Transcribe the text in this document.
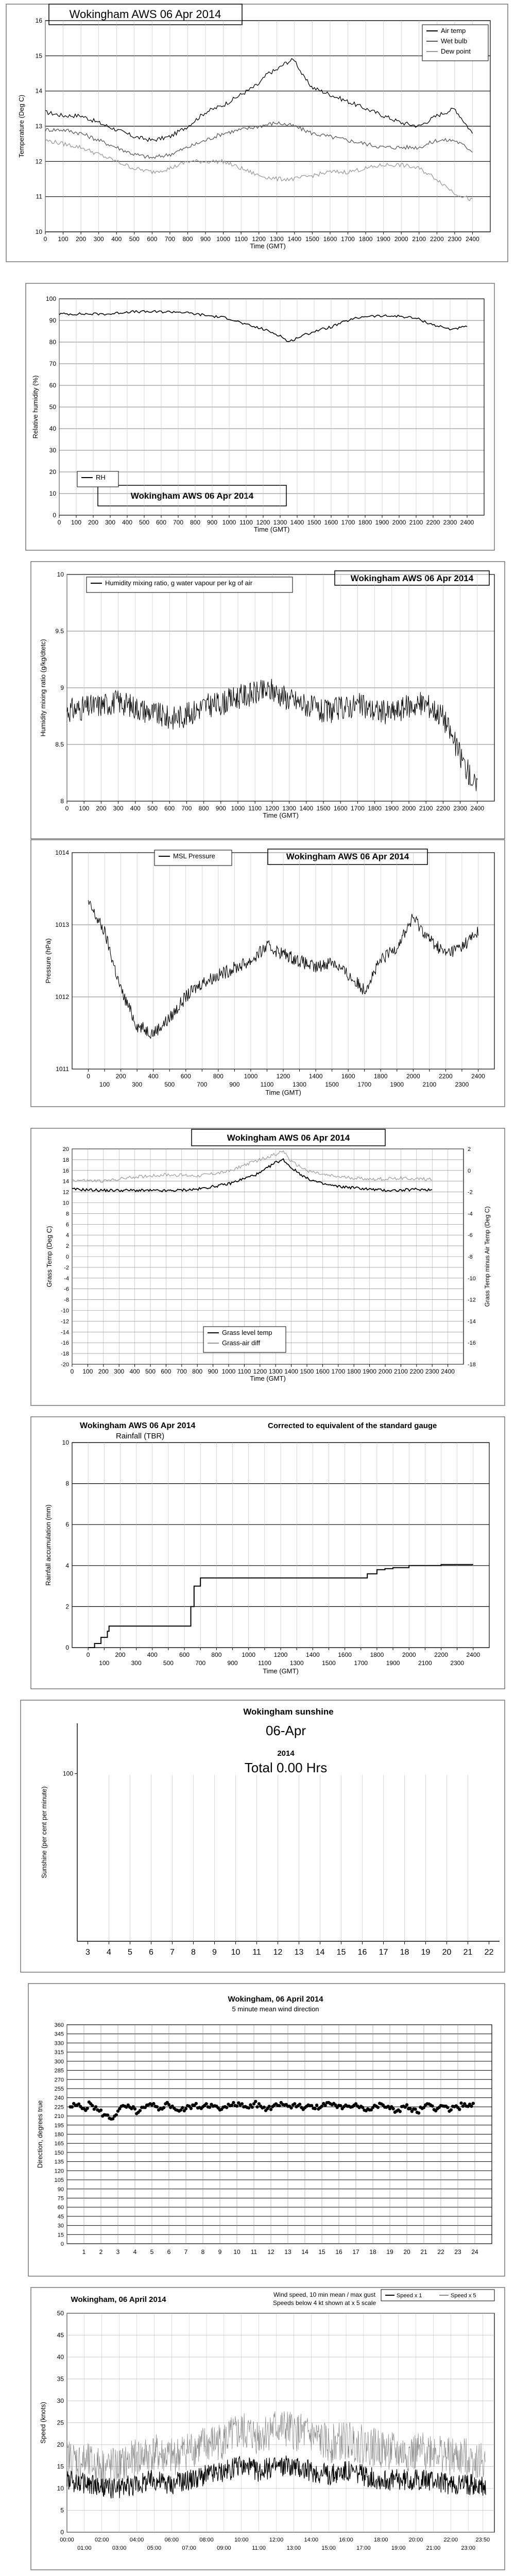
Wokingham AWS 06 Apr 2014
10
11
12
13
14
15
16
0 100 200 300 400 500 600 700 800 900 1000 1100 1200 1300 1400 1500 1600 1700 1800 1900 2000 2100 2200 2300 2400
Time (GMT)
Temperature (Deg C)
Air temp
Wet bulb
Dew point
Wokingham AWS 06 Apr 2014
0
10
20
30
40
50
60
70
80
90
100
0 100 200 300 400 500 600 700 800 900 1000 1100 1200 1300 1400 1500 1600 1700 1800 1900 2000 2100 2200 2300 2400
Time (GMT)
Relative humidity (%)
RH
Wokingham AWS 06 Apr 2014
8
8.5
9
9.5
10
0 100 200 300 400 500 600 700 800 900 1000 1100 1200 1300 1400 1500 1600 1700 1800 1900 2000 2100 2200 2300 2400
Time (GMT)
Humidity mixing ratio (g/kg/dtetc)
Humidity mixing ratio, g water vapour per kg of air
Wokingham AWS 06 Apr 2014
1011
1012
1013
1014
0
100
200
300
400
500
600
700
800
900
1000
1100
1200
1300
1400
1500
1600
1700
1800
1900
2000
2100
2200
2300
2400
Time (GMT)
Pressure (hPa)
MSL Pressure
Wokingham AWS 06 Apr 2014
20
18
16
14
12
10
8
6
4
2
0
-2
-4
-6
-8
-10
-12
-14
-16
-18
-20
2
0
-2
-4
-6
-8
-10
-12
-14
-16
-18
0 100 200 300 400 500 600 700 800 900 1000 1100 1200 1300 1400 1500 1600 1700 1800 1900 2000 2100 2200 2300 2400
Time (GMT)
Grass Temp (Deg C)	Grass Temp minus Air Temp (Deg C)
Grass level temp
Grass-air diff
0
2
4
6
8
10
0
100
200
300
400
500
600
700
800
900
1000
1100
1200
1300
1400
1500
1600
1700
1800
1900
2000
2100
2200
2300
2400
Time (GMT)
Rainfall accumulation (mm)
Wokingham AWS 06 Apr 2014
Rainfall (TBR)
Corrected to equivalent of the standard gauge
3 4 5 6 7 8 9 10 11 12 13 14 15 16 17 18 19 20 21 22
100
Sunshine (per cent per minute)
Wokingham sunshine
06-Apr
2014
Total 0.00 Hrs
0
15
30
45
60
75
90
105
120
135
150
165
180
195
210
225
240
255
270
285
300
315
330
345
360
1 2 3 4 5 6 7 8 9 10 11 12 13 14 15 16 17 18 19 20 21 22 23 24
Direction, degrees true
Wokingham, 06 April 2014
5 minute mean wind direction
0
5
10
15
20
25
30
35
40
45
50
00:00
01:00
02:00
03:00
04:00
05:00
06:00
07:00
08:00
09:00
10:00
11:00
12:00
13:00
14:00
15:00
16:00
17:00
18:00
19:00
20:00
21:00
22:00
23:00
23:50
Speed (knots)
Wokingham, 06 April 2014
Wind speed, 10 min mean / max gust
Speeds below 4 kt shown at x 5 scale
Speed x 1	Speed x 5
